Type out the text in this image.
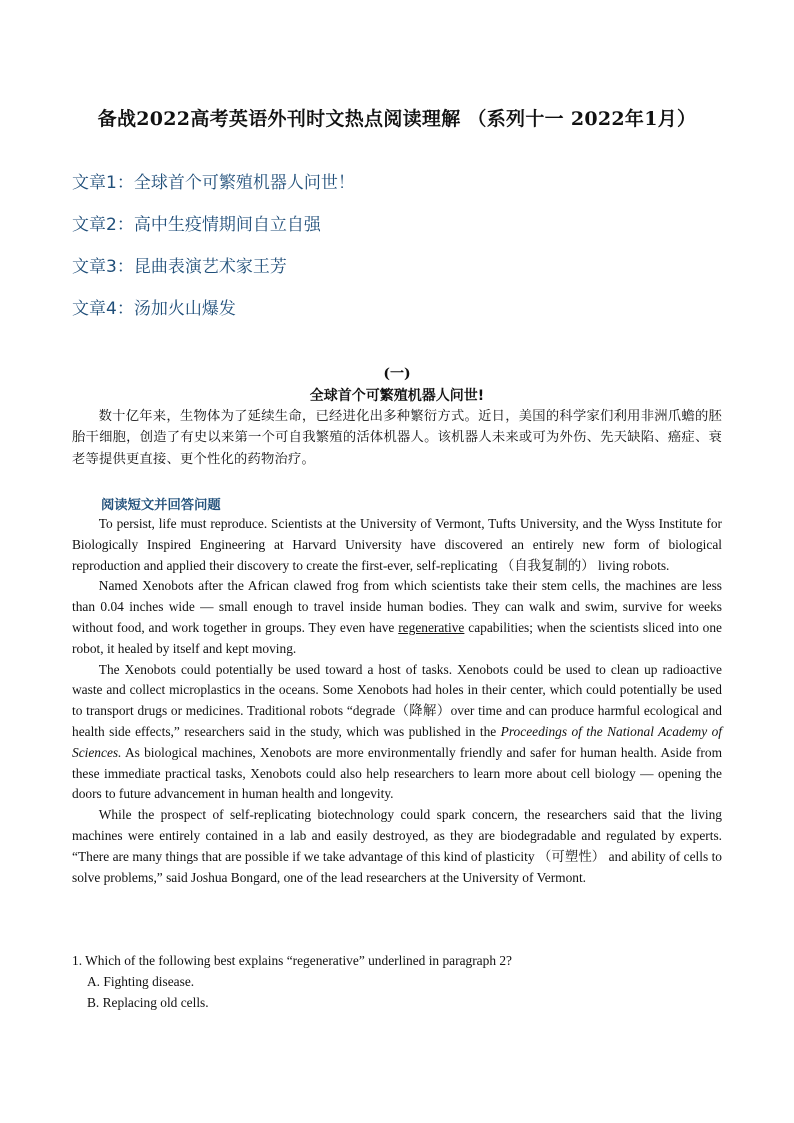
备战2022高考英语外刊时文热点阅读理解 （系列十一 2022年1月）
文章1：全球首个可繁殖机器人问世！
文章2：高中生疫情期间自立自强
文章3：昆曲表演艺术家王芳
文章4：汤加火山爆发
(一)
全球首个可繁殖机器人问世!
数十亿年来，生物体为了延续生命，已经进化出多种繁衍方式。近日，美国的科学家们利用非洲爪蟾的胚胎干细胞，创造了有史以来第一个可自我繁殖的活体机器人。该机器人未来或可为外伤、先天缺陷、癌症、衰老等提供更直接、更个性化的药物治疗。
阅读短文并回答问题

To persist, life must reproduce. Scientists at the University of Vermont, Tufts University, and the Wyss Institute for Biologically Inspired Engineering at Harvard University have discovered an entirely new form of biological reproduction and applied their discovery to create the first-ever, self-replicating （自我复制的） living robots.

Named Xenobots after the African clawed frog from which scientists take their stem cells, the machines are less than 0.04 inches wide — small enough to travel inside human bodies. They can walk and swim, survive for weeks without food, and work together in groups. They even have regenerative capabilities; when the scientists sliced into one robot, it healed by itself and kept moving.

The Xenobots could potentially be used toward a host of tasks. Xenobots could be used to clean up radioactive waste and collect microplastics in the oceans. Some Xenobots had holes in their center, which could potentially be used to transport drugs or medicines. Traditional robots “degrade（降解）over time and can produce harmful ecological and health side effects,” researchers said in the study, which was published in the Proceedings of the National Academy of Sciences. As biological machines, Xenobots are more environmentally friendly and safer for human health. Aside from these immediate practical tasks, Xenobots could also help researchers to learn more about cell biology — opening the doors to future advancement in human health and longevity.

While the prospect of self-replicating biotechnology could spark concern, the researchers said that the living machines were entirely contained in a lab and easily destroyed, as they are biodegradable and regulated by experts. “There are many things that are possible if we take advantage of this kind of plasticity （可塑性） and ability of cells to solve problems,” said Joshua Bongard, one of the lead researchers at the University of Vermont.

1. Which of the following best explains “regenerative” underlined in paragraph 2?
A. Fighting disease.
B. Replacing old cells.
